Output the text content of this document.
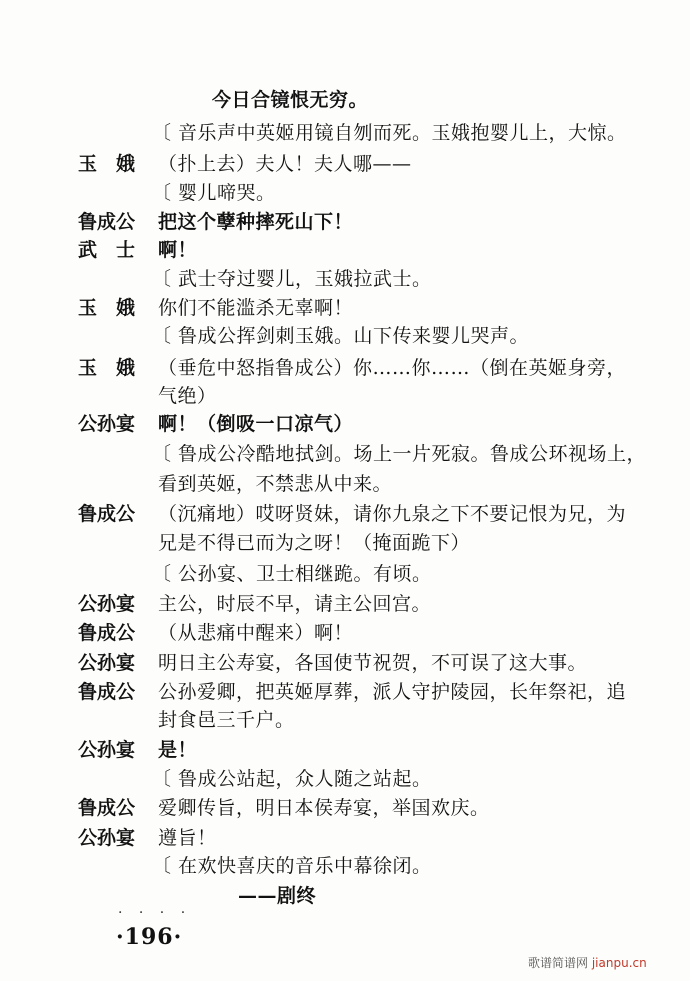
今日合镜恨无穷。
〔 音乐声中英姬用镜自刎而死。玉娥抱婴儿上，大惊。
玉　娥 （扑上去）夫人！夫人哪——
〔 婴儿啼哭。
鲁成公 把这个孽种摔死山下！
武　士 啊！
〔 武士夺过婴儿，玉娥拉武士。
玉　娥 你们不能滥杀无辜啊！
〔 鲁成公挥剑刺玉娥。山下传来婴儿哭声。
玉　娥 （垂危中怒指鲁成公）你……你……（倒在英姬身旁，
气绝）
公孙宴 啊！（倒吸一口凉气）
〔 鲁成公冷酷地拭剑。场上一片死寂。鲁成公环视场上，
看到英姬，不禁悲从中来。
鲁成公 （沉痛地）哎呀贤妹，请你九泉之下不要记恨为兄，为
兄是不得已而为之呀！（掩面跪下）
〔 公孙宴、卫士相继跪。有顷。
公孙宴 主公，时辰不早，请主公回宫。
鲁成公 （从悲痛中醒来）啊！
公孙宴 明日主公寿宴，各国使节祝贺，不可误了这大事。
鲁成公 公孙爱卿，把英姬厚葬，派人守护陵园，长年祭祀，追
封食邑三千户。
公孙宴 是！
〔 鲁成公站起，众人随之站起。
鲁成公 爱卿传旨，明日本侯寿宴，举国欢庆。
公孙宴 遵旨！
〔 在欢快喜庆的音乐中幕徐闭。
——剧终
· · · ·
·196·
歌谱简谱网 jianpu.cn
